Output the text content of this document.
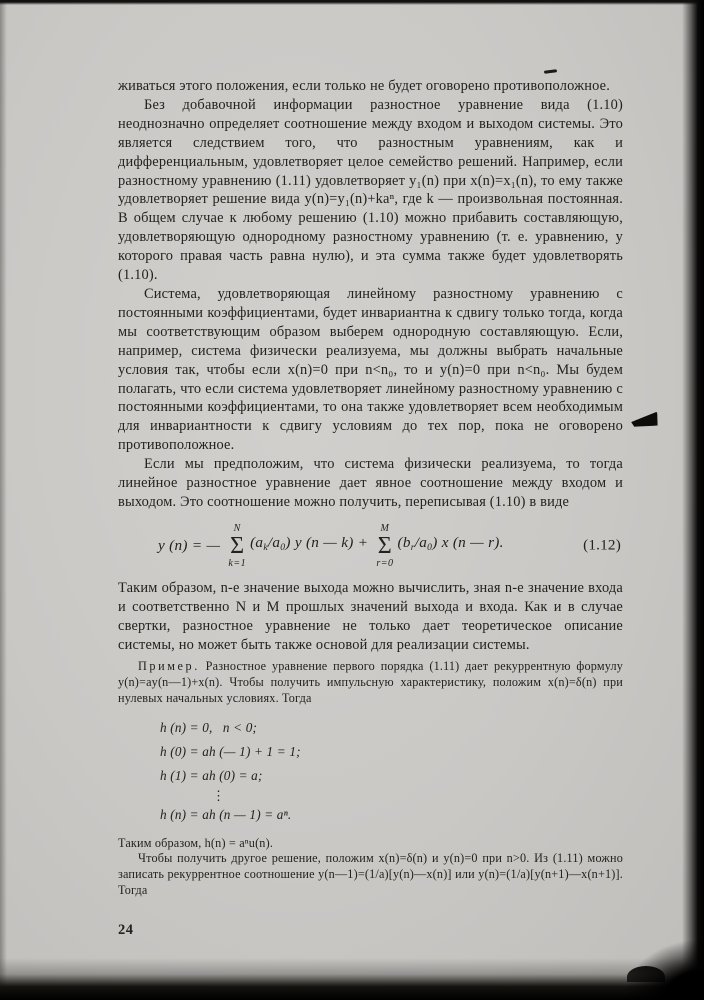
живаться этого положения, если только не будет оговорено противоположное.

Без добавочной информации разностное уравнение вида (1.10) неоднозначно определяет соотношение между входом и выходом системы. Это является следствием того, что разностным уравнениям, как и дифференциальным, удовлетворяет целое семейство решений. Например, если разностному уравнению (1.11) удовлетворяет y₁(n) при x(n)=x₁(n), то ему также удовлетворяет решение вида y(n)=y₁(n)+kaⁿ, где k — произвольная постоянная. В общем случае к любому решению (1.10) можно прибавить составляющую, удовлетворяющую однородному разностному уравнению (т. е. уравнению, у которого правая часть равна нулю), и эта сумма также будет удовлетворять (1.10).

Система, удовлетворяющая линейному разностному уравнению с постоянными коэффициентами, будет инвариантна к сдвигу только тогда, когда мы соответствующим образом выберем однородную составляющую. Если, например, система физически реализуема, мы должны выбрать начальные условия так, чтобы если x(n)=0 при n<n₀, то и y(n)=0 при n<n₀. Мы будем полагать, что если система удовлетворяет линейному разностному уравнению с постоянными коэффициентами, то она также удовлетворяет всем необходимым для инвариантности к сдвигу условиям до тех пор, пока не оговорено противоположное.

Если мы предположим, что система физически реализуема, то тогда линейное разностное уравнение дает явное соотношение между входом и выходом. Это соотношение можно получить, переписывая (1.10) в виде

y (n) = —
N
Σ
k=1
$(a_k/a_0)$ y (n — k) +
M
Σ
r=0
$(b_r/a_0)$ x (n — r).	(1.12)

Таким образом, n-е значение выхода можно вычислить, зная n-е значение входа и соответственно N и M прошлых значений выхода и входа. Как и в случае свертки, разностное уравнение не только дает теоретическое описание системы, но может быть также основой для реализации системы.

Пример. Разностное уравнение первого порядка (1.11) дает рекуррентную формулу y(n)=ay(n—1)+x(n). Чтобы получить импульсную характеристику, положим x(n)=δ(n) при нулевых начальных условиях. Тогда

h (n) = 0,   n < 0;
h (0) = ah (— 1) + 1 = 1;
h (1) = ah (0) = a;
⋮
h (n) = ah (n — 1) = aⁿ.

Таким образом, h(n) = aⁿu(n).

Чтобы получить другое решение, положим x(n)=δ(n) и y(n)=0 при n>0. Из (1.11) можно записать рекуррентное соотношение y(n—1)=(1/a)[y(n)—x(n)] или y(n)=(1/a)[y(n+1)—x(n+1)]. Тогда

24
